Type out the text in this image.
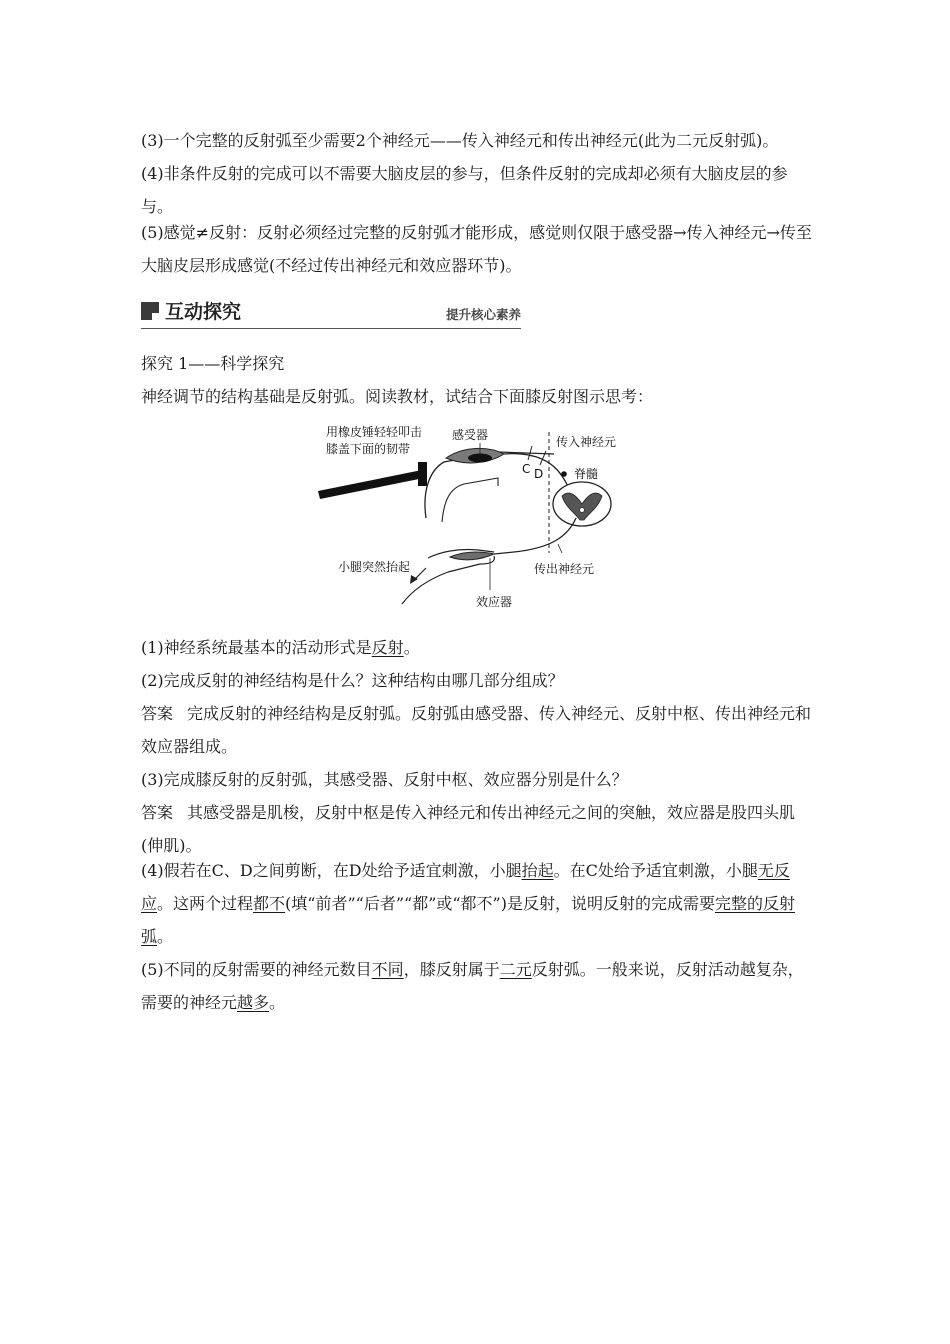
(3)一个完整的反射弧至少需要2个神经元——传入神经元和传出神经元(此为二元反射弧)。
(4)非条件反射的完成可以不需要大脑皮层的参与，但条件反射的完成却必须有大脑皮层的参与。
(5)感觉≠反射：反射必须经过完整的反射弧才能形成，感觉则仅限于感受器→传入神经元→传至大脑皮层形成感觉(不经过传出神经元和效应器环节)。
互动探究	提升核心素养
探究 1——科学探究
神经调节的结构基础是反射弧。阅读教材，试结合下面膝反射图示思考：
用橡皮锤轻轻叩击
膝盖下面的韧带
感受器	传入神经元
C D	脊髓
小腿突然抬起	传出神经元
效应器
(1)神经系统最基本的活动形式是反射。
(2)完成反射的神经结构是什么？这种结构由哪几部分组成？
答案 完成反射的神经结构是反射弧。反射弧由感受器、传入神经元、反射中枢、传出神经元和效应器组成。
(3)完成膝反射的反射弧，其感受器、反射中枢、效应器分别是什么？
答案 其感受器是肌梭，反射中枢是传入神经元和传出神经元之间的突触，效应器是股四头肌(伸肌)。
(4)假若在C、D之间剪断，在D处给予适宜刺激，小腿抬起。在C处给予适宜刺激，小腿无反应。这两个过程都不(填“前者”“后者”“都”或“都不”)是反射，说明反射的完成需要完整的反射弧。
(5)不同的反射需要的神经元数目不同，膝反射属于二元反射弧。一般来说，反射活动越复杂，需要的神经元越多。
